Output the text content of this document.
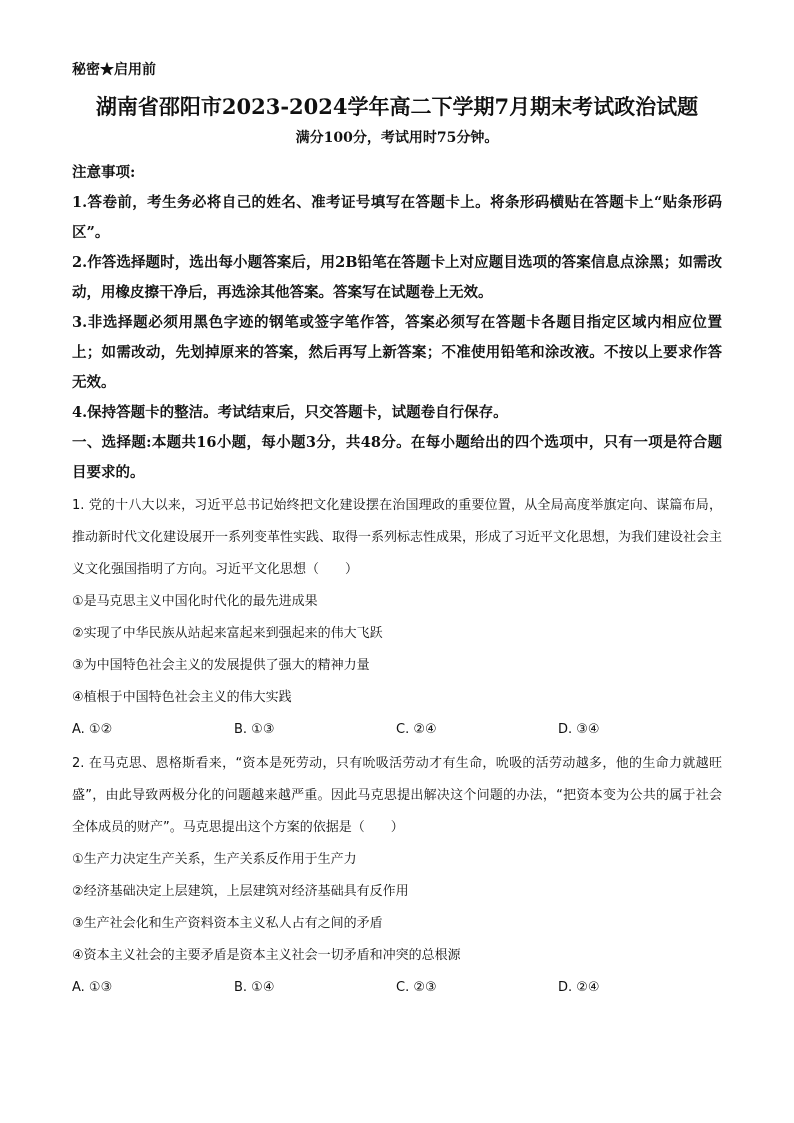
秘密★启用前
湖南省邵阳市2023-2024学年高二下学期7月期末考试政治试题
满分100分，考试用时75分钟。
注意事项:
1.答卷前，考生务必将自己的姓名、准考证号填写在答题卡上。将条形码横贴在答题卡上“贴条形码区”。
2.作答选择题时，选出每小题答案后，用2B铅笔在答题卡上对应题目选项的答案信息点涂黑；如需改动，用橡皮擦干净后，再选涂其他答案。答案写在试题卷上无效。
3.非选择题必须用黑色字迹的钢笔或签字笔作答，答案必须写在答题卡各题目指定区域内相应位置上；如需改动，先划掉原来的答案，然后再写上新答案；不准使用铅笔和涂改液。不按以上要求作答无效。
4.保持答题卡的整洁。考试结束后，只交答题卡，试题卷自行保存。
一、选择题:本题共16小题，每小题3分，共48分。在每小题给出的四个选项中，只有一项是符合题目要求的。
1. 党的十八大以来，习近平总书记始终把文化建设摆在治国理政的重要位置，从全局高度举旗定向、谋篇布局，推动新时代文化建设展开一系列变革性实践、取得一系列标志性成果，形成了习近平文化思想，为我们建设社会主义文化强国指明了方向。习近平文化思想（　　）
①是马克思主义中国化时代化的最先进成果
②实现了中华民族从站起来富起来到强起来的伟大飞跃
③为中国特色社会主义的发展提供了强大的精神力量
④植根于中国特色社会主义的伟大实践
A. ①②	B. ①③	C. ②④	D. ③④
2. 在马克思、恩格斯看来，“资本是死劳动，只有吮吸活劳动才有生命，吮吸的活劳动越多，他的生命力就越旺盛”，由此导致两极分化的问题越来越严重。因此马克思提出解决这个问题的办法，“把资本变为公共的属于社会全体成员的财产”。马克思提出这个方案的依据是（　　）
①生产力决定生产关系，生产关系反作用于生产力
②经济基础决定上层建筑，上层建筑对经济基础具有反作用
③生产社会化和生产资料资本主义私人占有之间的矛盾
④资本主义社会的主要矛盾是资本主义社会一切矛盾和冲突的总根源
A. ①③	B. ①④	C. ②③	D. ②④
